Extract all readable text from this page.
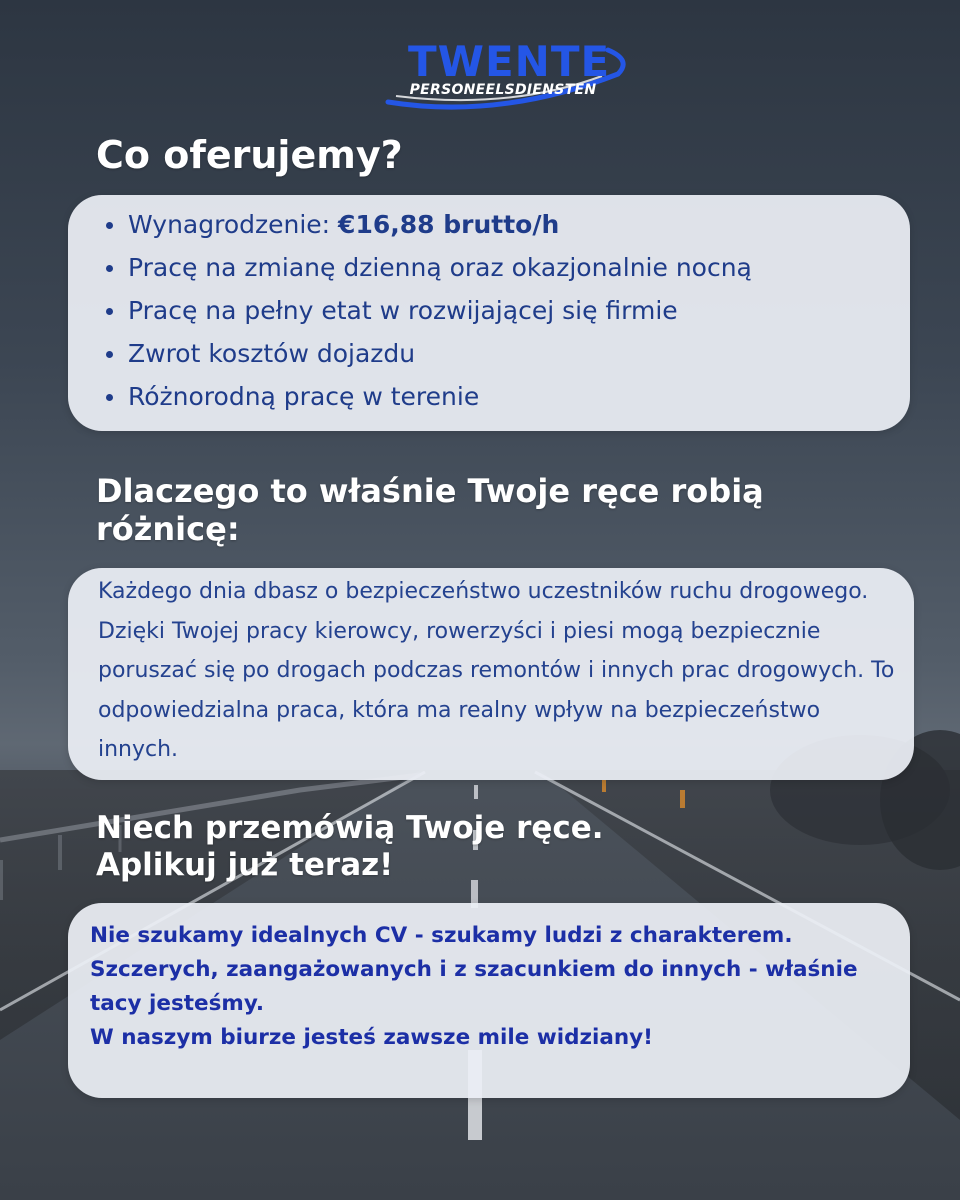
TWENTE
PERSONEELSDIENSTEN
Co oferujemy?
Wynagrodzenie: €16,88 brutto/h
Pracę na zmianę dzienną oraz okazjonalnie nocną
Pracę na pełny etat w rozwijającej się firmie
Zwrot kosztów dojazdu
Różnorodną pracę w terenie
Dlaczego to właśnie Twoje ręce robią
różnicę:

Każdego dnia dbasz o bezpieczeństwo uczestników ruchu drogowego. Dzięki Twojej pracy kierowcy, rowerzyści i piesi mogą bezpiecznie poruszać się po drogach podczas remontów i innych prac drogowych. To odpowiedzialna praca, która ma realny wpływ na bezpieczeństwo innych.

Niech przemówią Twoje ręce.
Aplikuj już teraz!

Nie szukamy idealnych CV - szukamy ludzi z charakterem.

Szczerych, zaangażowanych i z szacunkiem do innych - właśnie tacy jesteśmy.

W naszym biurze jesteś zawsze mile widziany!
